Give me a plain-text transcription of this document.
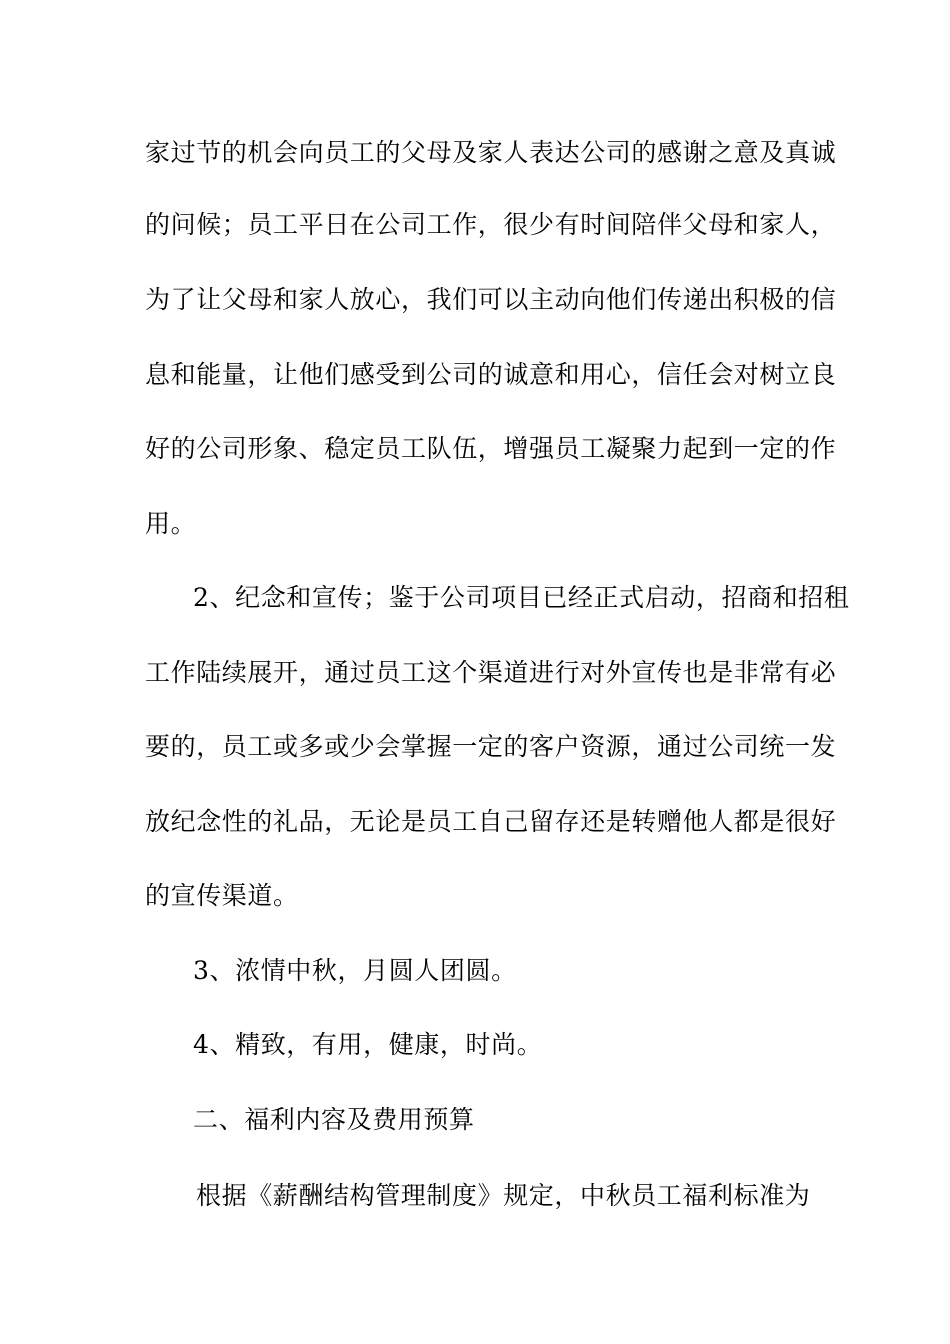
家过节的机会向员工的父母及家人表达公司的感谢之意及真诚
的问候；员工平日在公司工作，很少有时间陪伴父母和家人，
为了让父母和家人放心，我们可以主动向他们传递出积极的信
息和能量，让他们感受到公司的诚意和用心，信任会对树立良
好的公司形象、稳定员工队伍，增强员工凝聚力起到一定的作
用。
2、纪念和宣传；鉴于公司项目已经正式启动，招商和招租
工作陆续展开，通过员工这个渠道进行对外宣传也是非常有必
要的，员工或多或少会掌握一定的客户资源，通过公司统一发
放纪念性的礼品，无论是员工自己留存还是转赠他人都是很好
的宣传渠道。
3、浓情中秋，月圆人团圆。
4、精致，有用，健康，时尚。
二、福利内容及费用预算
根据《薪酬结构管理制度》规定，中秋员工福利标准为
